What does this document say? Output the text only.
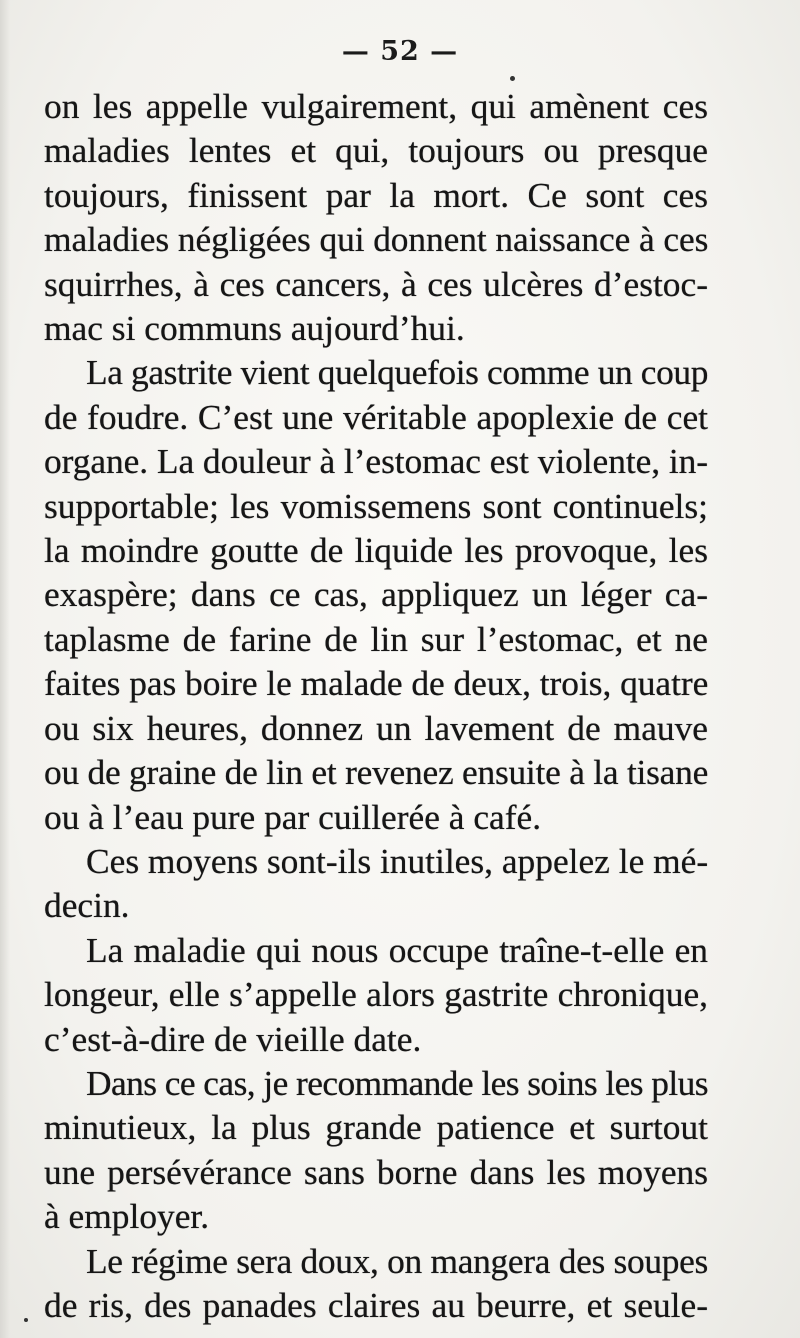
— 52 —

on les appelle vulgairement, qui amènent ces
maladies lentes et qui, toujours ou presque
toujours, finissent par la mort. Ce sont ces
maladies négligées qui donnent naissance à ces
squirrhes, à ces cancers, à ces ulcères d’estoc-
mac si communs aujourd’hui.

La gastrite vient quelquefois comme un coup
de foudre. C’est une véritable apoplexie de cet
organe. La douleur à l’estomac est violente, in-
supportable; les vomissemens sont continuels;
la moindre goutte de liquide les provoque, les
exaspère; dans ce cas, appliquez un léger ca-
taplasme de farine de lin sur l’estomac, et ne
faites pas boire le malade de deux, trois, quatre
ou six heures, donnez un lavement de mauve
ou de graine de lin et revenez ensuite à la tisane
ou à l’eau pure par cuillerée à café.

Ces moyens sont-ils inutiles, appelez le mé-
decin.

La maladie qui nous occupe traîne-t-elle en
longeur, elle s’appelle alors gastrite chronique,
c’est-à-dire de vieille date.

Dans ce cas, je recommande les soins les plus
minutieux, la plus grande patience et surtout
une persévérance sans borne dans les moyens
à employer.

Le régime sera doux, on mangera des soupes
de ris, des panades claires au beurre, et seule-
